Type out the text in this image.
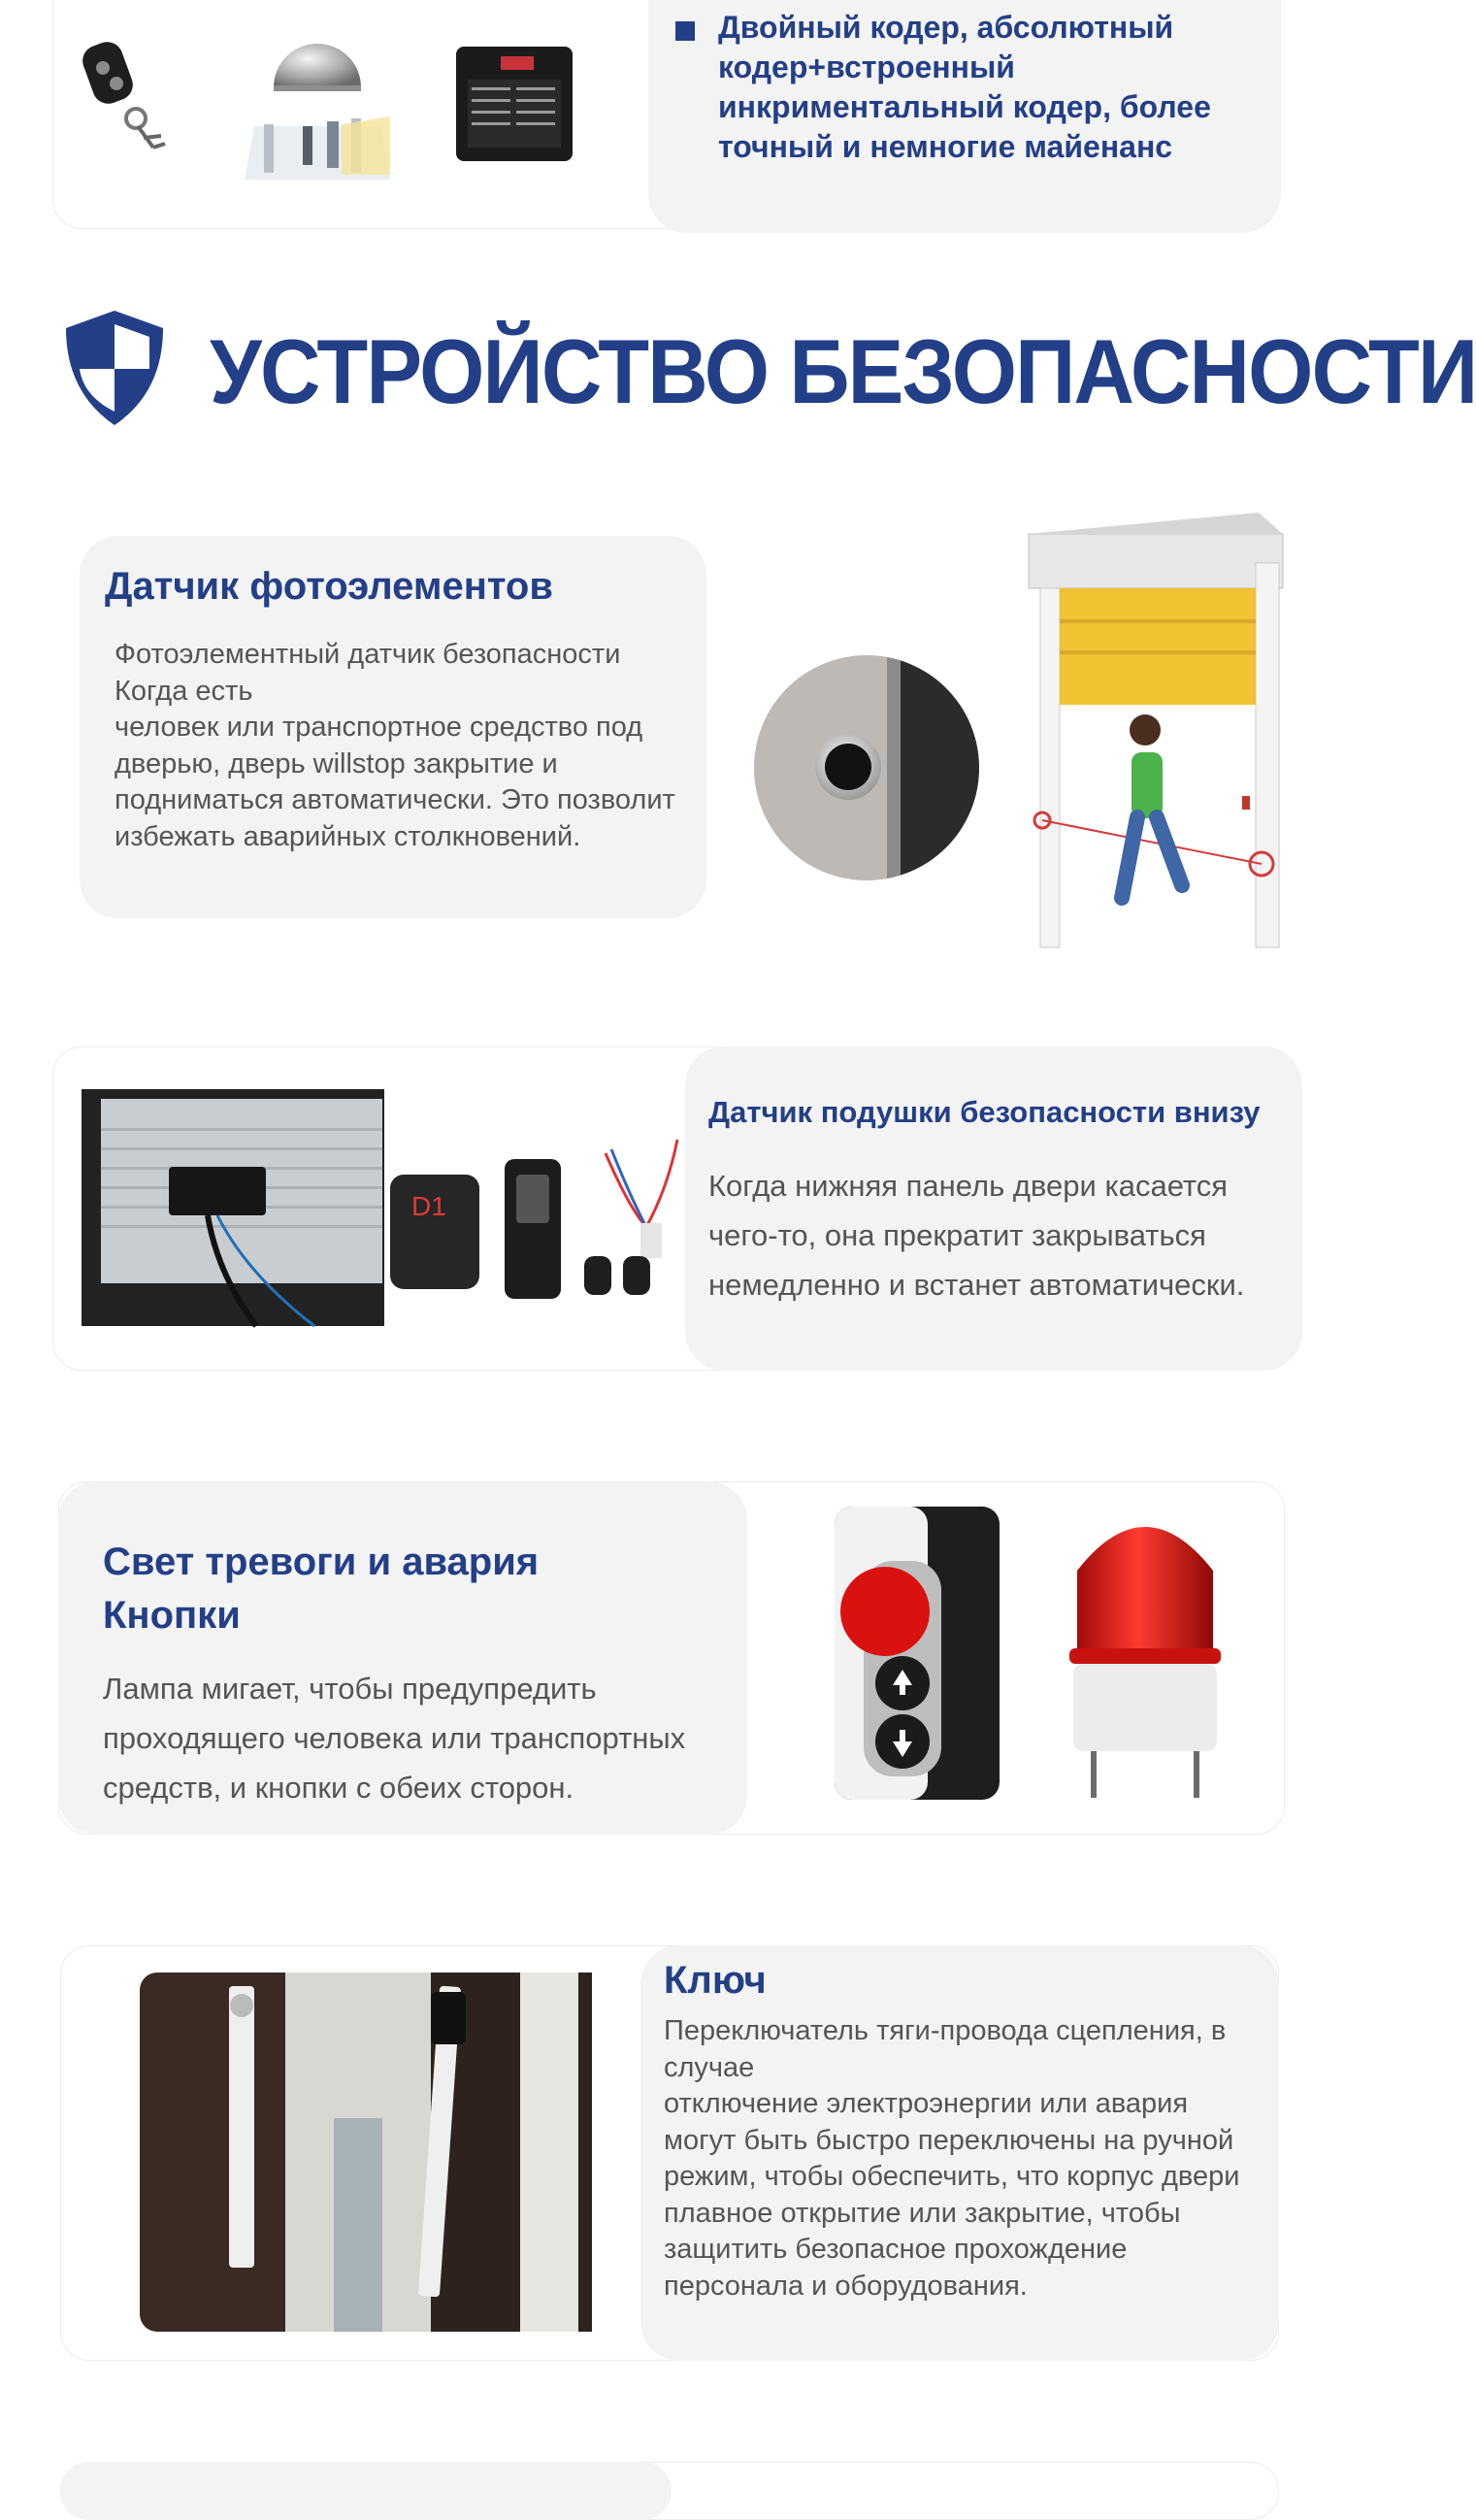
Двойный кодер, абсолютный кодер+встроенный инкриментальный кодер, более точный и немногие майенанс
УСТРОЙСТВО БЕЗОПАСНОСТИ
Датчик фотоэлементов
Фотоэлементный датчик безопасности Когда есть
человек или транспортное средство под дверью, дверь willstop закрытие и подниматься автоматически. Это позволит избежать аварийных столкновений.
D1
Датчик подушки безопасности внизу
Когда нижняя панель двери касается чего-то, она прекратит закрываться немедленно и встанет автоматически.
Свет тревоги и авария Кнопки
Лампа мигает, чтобы предупредить проходящего человека или транспортных средств, и кнопки с обеих сторон.
Ключ
Переключатель тяги-провода сцепления, в случае
отключение электроэнергии или авария могут быть быстро переключены на ручной режим, чтобы обеспечить, что корпус двери плавное открытие или закрытие, чтобы защитить безопасное прохождение персонала и оборудования.
